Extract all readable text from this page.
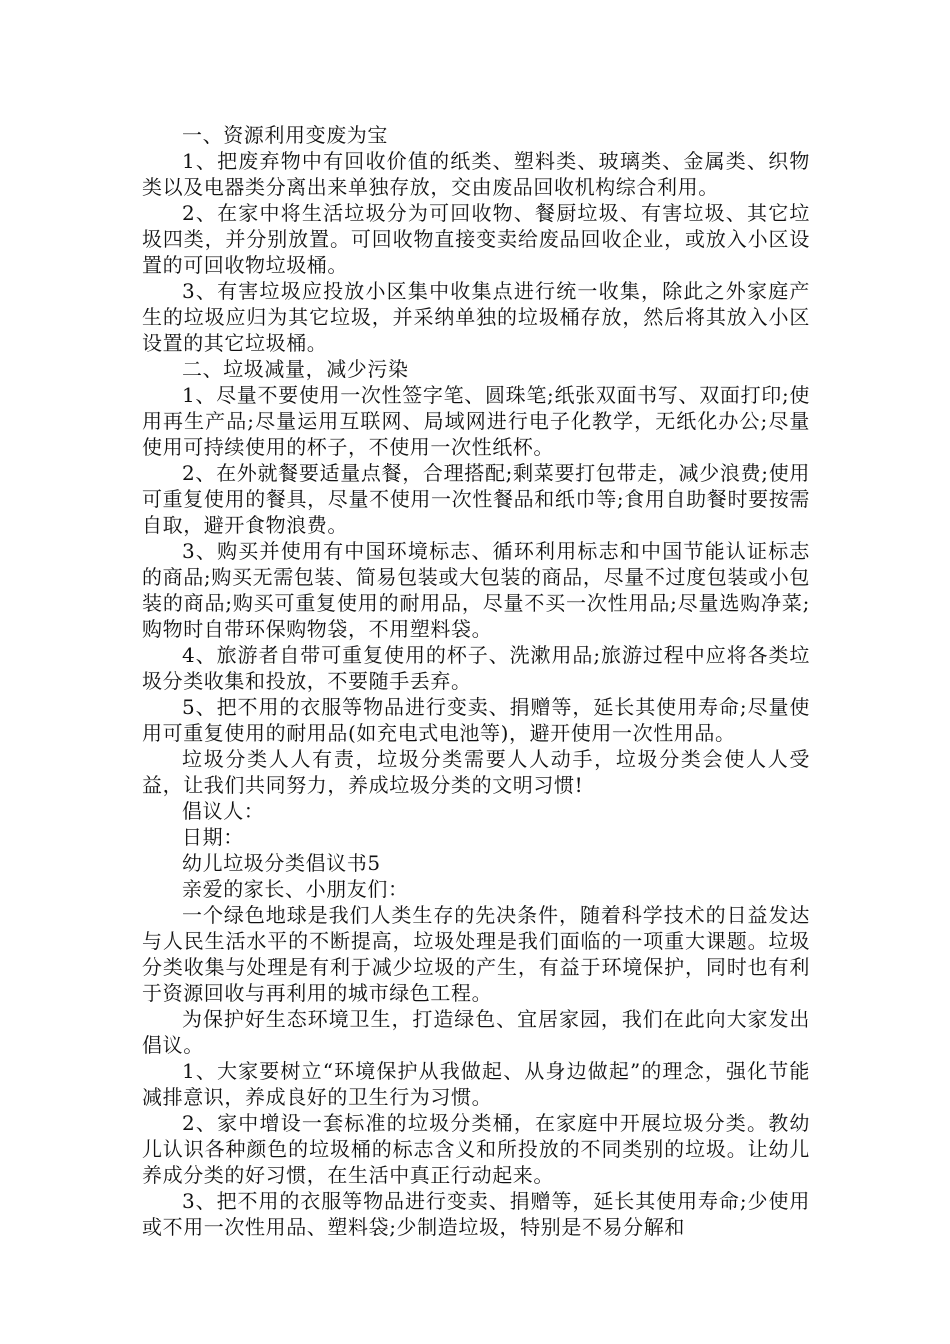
一、资源利用变废为宝

1、把废弃物中有回收价值的纸类、塑料类、玻璃类、金属类、织物类以及电器类分离出来单独存放，交由废品回收机构综合利用。

2、在家中将生活垃圾分为可回收物、餐厨垃圾、有害垃圾、其它垃圾四类，并分别放置。可回收物直接变卖给废品回收企业，或放入小区设置的可回收物垃圾桶。

3、有害垃圾应投放小区集中收集点进行统一收集，除此之外家庭产生的垃圾应归为其它垃圾，并采纳单独的垃圾桶存放，然后将其放入小区设置的其它垃圾桶。

二、垃圾减量，减少污染

1、尽量不要使用一次性签字笔、圆珠笔;纸张双面书写、双面打印;使用再生产品;尽量运用互联网、局域网进行电子化教学，无纸化办公;尽量使用可持续使用的杯子，不使用一次性纸杯。

2、在外就餐要适量点餐，合理搭配;剩菜要打包带走，减少浪费;使用可重复使用的餐具，尽量不使用一次性餐品和纸巾等;食用自助餐时要按需自取，避开食物浪费。

3、购买并使用有中国环境标志、循环利用标志和中国节能认证标志的商品;购买无需包装、简易包装或大包装的商品，尽量不过度包装或小包装的商品;购买可重复使用的耐用品，尽量不买一次性用品;尽量选购净菜;购物时自带环保购物袋，不用塑料袋。

4、旅游者自带可重复使用的杯子、洗漱用品;旅游过程中应将各类垃圾分类收集和投放，不要随手丢弃。

5、把不用的衣服等物品进行变卖、捐赠等，延长其使用寿命;尽量使用可重复使用的耐用品(如充电式电池等)，避开使用一次性用品。

垃圾分类人人有责，垃圾分类需要人人动手，垃圾分类会使人人受益，让我们共同努力，养成垃圾分类的文明习惯!

倡议人：

日期：

幼儿垃圾分类倡议书5

亲爱的家长、小朋友们：

一个绿色地球是我们人类生存的先决条件，随着科学技术的日益发达与人民生活水平的不断提高，垃圾处理是我们面临的一项重大课题。垃圾分类收集与处理是有利于减少垃圾的产生，有益于环境保护，同时也有利于资源回收与再利用的城市绿色工程。

为保护好生态环境卫生，打造绿色、宜居家园，我们在此向大家发出倡议。

1、大家要树立“环境保护从我做起、从身边做起”的理念，强化节能减排意识，养成良好的卫生行为习惯。

2、家中增设一套标准的垃圾分类桶，在家庭中开展垃圾分类。教幼儿认识各种颜色的垃圾桶的标志含义和所投放的不同类别的垃圾。让幼儿养成分类的好习惯，在生活中真正行动起来。

3、把不用的衣服等物品进行变卖、捐赠等，延长其使用寿命;少使用或不用一次性用品、塑料袋;少制造垃圾，特别是不易分解和
